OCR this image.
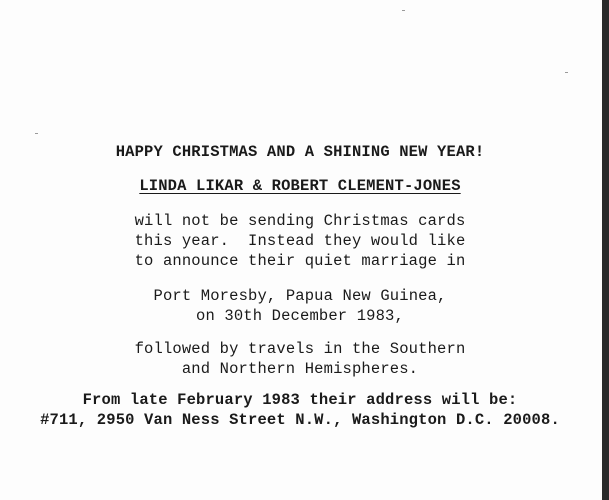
HAPPY CHRISTMAS AND A SHINING NEW YEAR!
LINDA LIKAR & ROBERT CLEMENT-JONES
will not be sending Christmas cards
this year.  Instead they would like
to announce their quiet marriage in
Port Moresby, Papua New Guinea,
on 30th December 1983,
followed by travels in the Southern
and Northern Hemispheres.
From late February 1983 their address will be:
#711, 2950 Van Ness Street N.W., Washington D.C. 20008.
